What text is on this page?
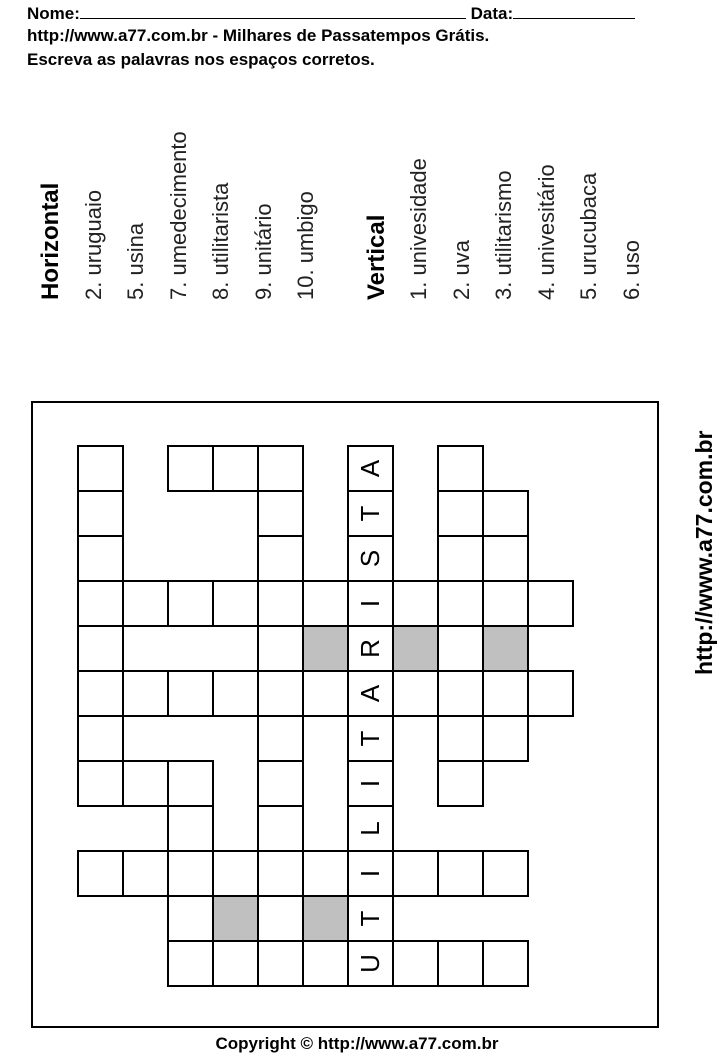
Nome:	Data:
http://www.a77.com.br - Milhares de Passatempos Grátis.
Escreva as palavras nos espaços corretos.
Horizontal 2. uruguaio 5. usina 7. umedecimento 8. utilitarista 9. unitário 10. umbigo	Vertical 1. univesidade 2. uva 3. utilitarismo 4. univesitário 5. urucubaca 6. uso
A
T
S
I
R
A
T
I
L
I
T
U
http://www.a77.com.br
Copyright © http://www.a77.com.br
